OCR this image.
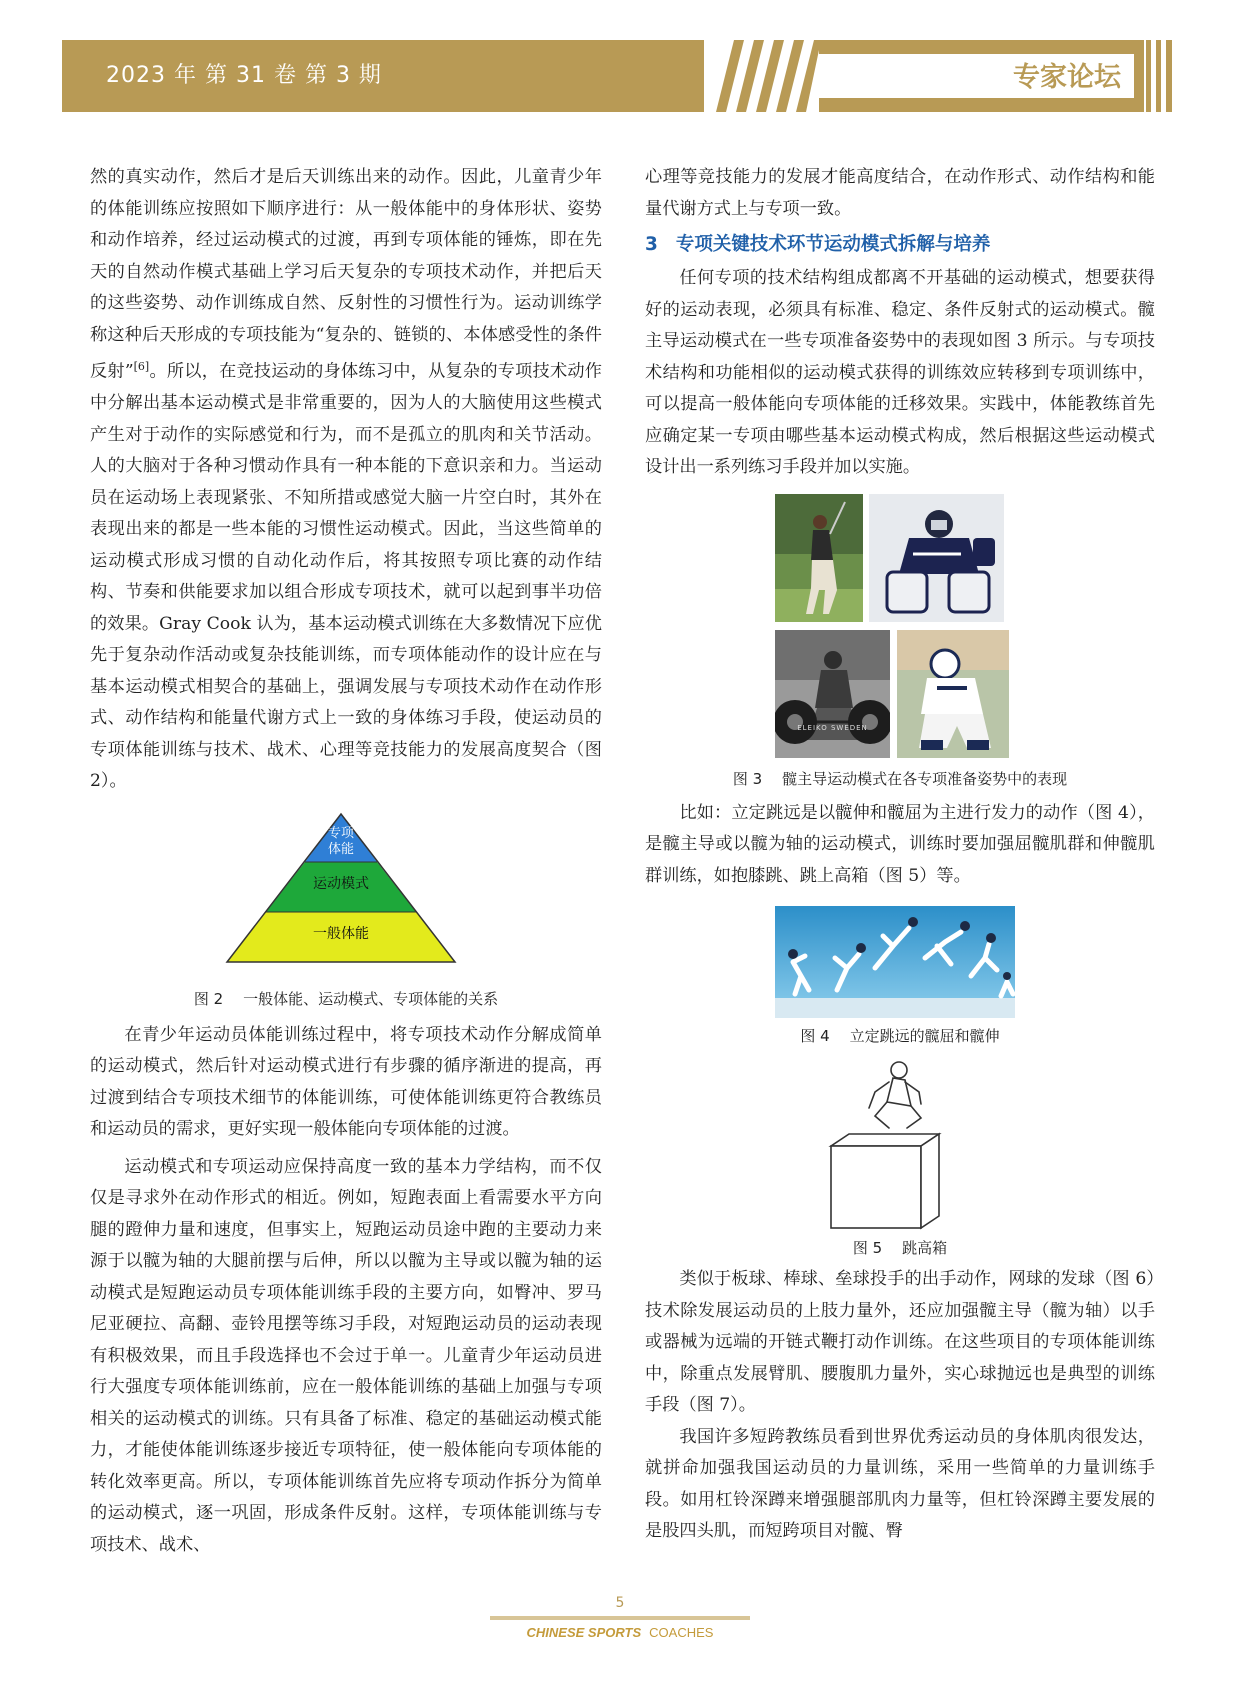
2023 年 第 31 卷 第 3 期	专家论坛

然的真实动作，然后才是后天训练出来的动作。因此，儿童青少年的体能训练应按照如下顺序进行：从一般体能中的身体形状、姿势和动作培养，经过运动模式的过渡，再到专项体能的锤炼，即在先天的自然动作模式基础上学习后天复杂的专项技术动作，并把后天的这些姿势、动作训练成自然、反射性的习惯性行为。运动训练学称这种后天形成的专项技能为“复杂的、链锁的、本体感受性的条件反射”[6]。所以，在竞技运动的身体练习中，从复杂的专项技术动作中分解出基本运动模式是非常重要的，因为人的大脑使用这些模式产生对于动作的实际感觉和行为，而不是孤立的肌肉和关节活动。人的大脑对于各种习惯动作具有一种本能的下意识亲和力。当运动员在运动场上表现紧张、不知所措或感觉大脑一片空白时，其外在表现出来的都是一些本能的习惯性运动模式。因此，当这些简单的运动模式形成习惯的自动化动作后，将其按照专项比赛的动作结构、节奏和供能要求加以组合形成专项技术，就可以起到事半功倍的效果。Gray Cook 认为，基本运动模式训练在大多数情况下应优先于复杂动作活动或复杂技能训练，而专项体能动作的设计应在与基本运动模式相契合的基础上，强调发展与专项技术动作在动作形式、动作结构和能量代谢方式上一致的身体练习手段，使运动员的专项体能训练与技术、战术、心理等竞技能力的发展高度契合（图 2）。

专项
体能
运动模式
一般体能
图 2 一般体能、运动模式、专项体能的关系

在青少年运动员体能训练过程中，将专项技术动作分解成简单的运动模式，然后针对运动模式进行有步骤的循序渐进的提高，再过渡到结合专项技术细节的体能训练，可使体能训练更符合教练员和运动员的需求，更好实现一般体能向专项体能的过渡。

运动模式和专项运动应保持高度一致的基本力学结构，而不仅仅是寻求外在动作形式的相近。例如，短跑表面上看需要水平方向腿的蹬伸力量和速度，但事实上，短跑运动员途中跑的主要动力来源于以髋为轴的大腿前摆与后伸，所以以髋为主导或以髋为轴的运动模式是短跑运动员专项体能训练手段的主要方向，如臀冲、罗马尼亚硬拉、高翻、壶铃甩摆等练习手段，对短跑运动员的运动表现有积极效果，而且手段选择也不会过于单一。儿童青少年运动员进行大强度专项体能训练前，应在一般体能训练的基础上加强与专项相关的运动模式的训练。只有具备了标准、稳定的基础运动模式能力，才能使体能训练逐步接近专项特征，使一般体能向专项体能的转化效率更高。所以，专项体能训练首先应将专项动作拆分为简单的运动模式，逐一巩固，形成条件反射。这样，专项体能训练与专项技术、战术、

心理等竞技能力的发展才能高度结合，在动作形式、动作结构和能量代谢方式上与专项一致。

3 专项关键技术环节运动模式拆解与培养

任何专项的技术结构组成都离不开基础的运动模式，想要获得好的运动表现，必须具有标准、稳定、条件反射式的运动模式。髋主导运动模式在一些专项准备姿势中的表现如图 3 所示。与专项技术结构和功能相似的运动模式获得的训练效应转移到专项训练中，可以提高一般体能向专项体能的迁移效果。实践中，体能教练首先应确定某一专项由哪些基本运动模式构成，然后根据这些运动模式设计出一系列练习手段并加以实施。

ELEIKO SWEDEN
图 3 髋主导运动模式在各专项准备姿势中的表现

比如：立定跳远是以髋伸和髋屈为主进行发力的动作（图 4），是髋主导或以髋为轴的运动模式，训练时要加强屈髋肌群和伸髋肌群训练，如抱膝跳、跳上高箱（图 5）等。

图 4 立定跳远的髋屈和髋伸
图 5 跳高箱

类似于板球、棒球、垒球投手的出手动作，网球的发球（图 6）技术除发展运动员的上肢力量外，还应加强髋主导（髋为轴）以手或器械为远端的开链式鞭打动作训练。在这些项目的专项体能训练中，除重点发展臂肌、腰腹肌力量外，实心球抛远也是典型的训练手段（图 7）。

我国许多短跨教练员看到世界优秀运动员的身体肌肉很发达，就拼命加强我国运动员的力量训练，采用一些简单的力量训练手段。如用杠铃深蹲来增强腿部肌肉力量等，但杠铃深蹲主要发展的是股四头肌，而短跨项目对髋、臀

5
CHINESE SPORTS COACHES
